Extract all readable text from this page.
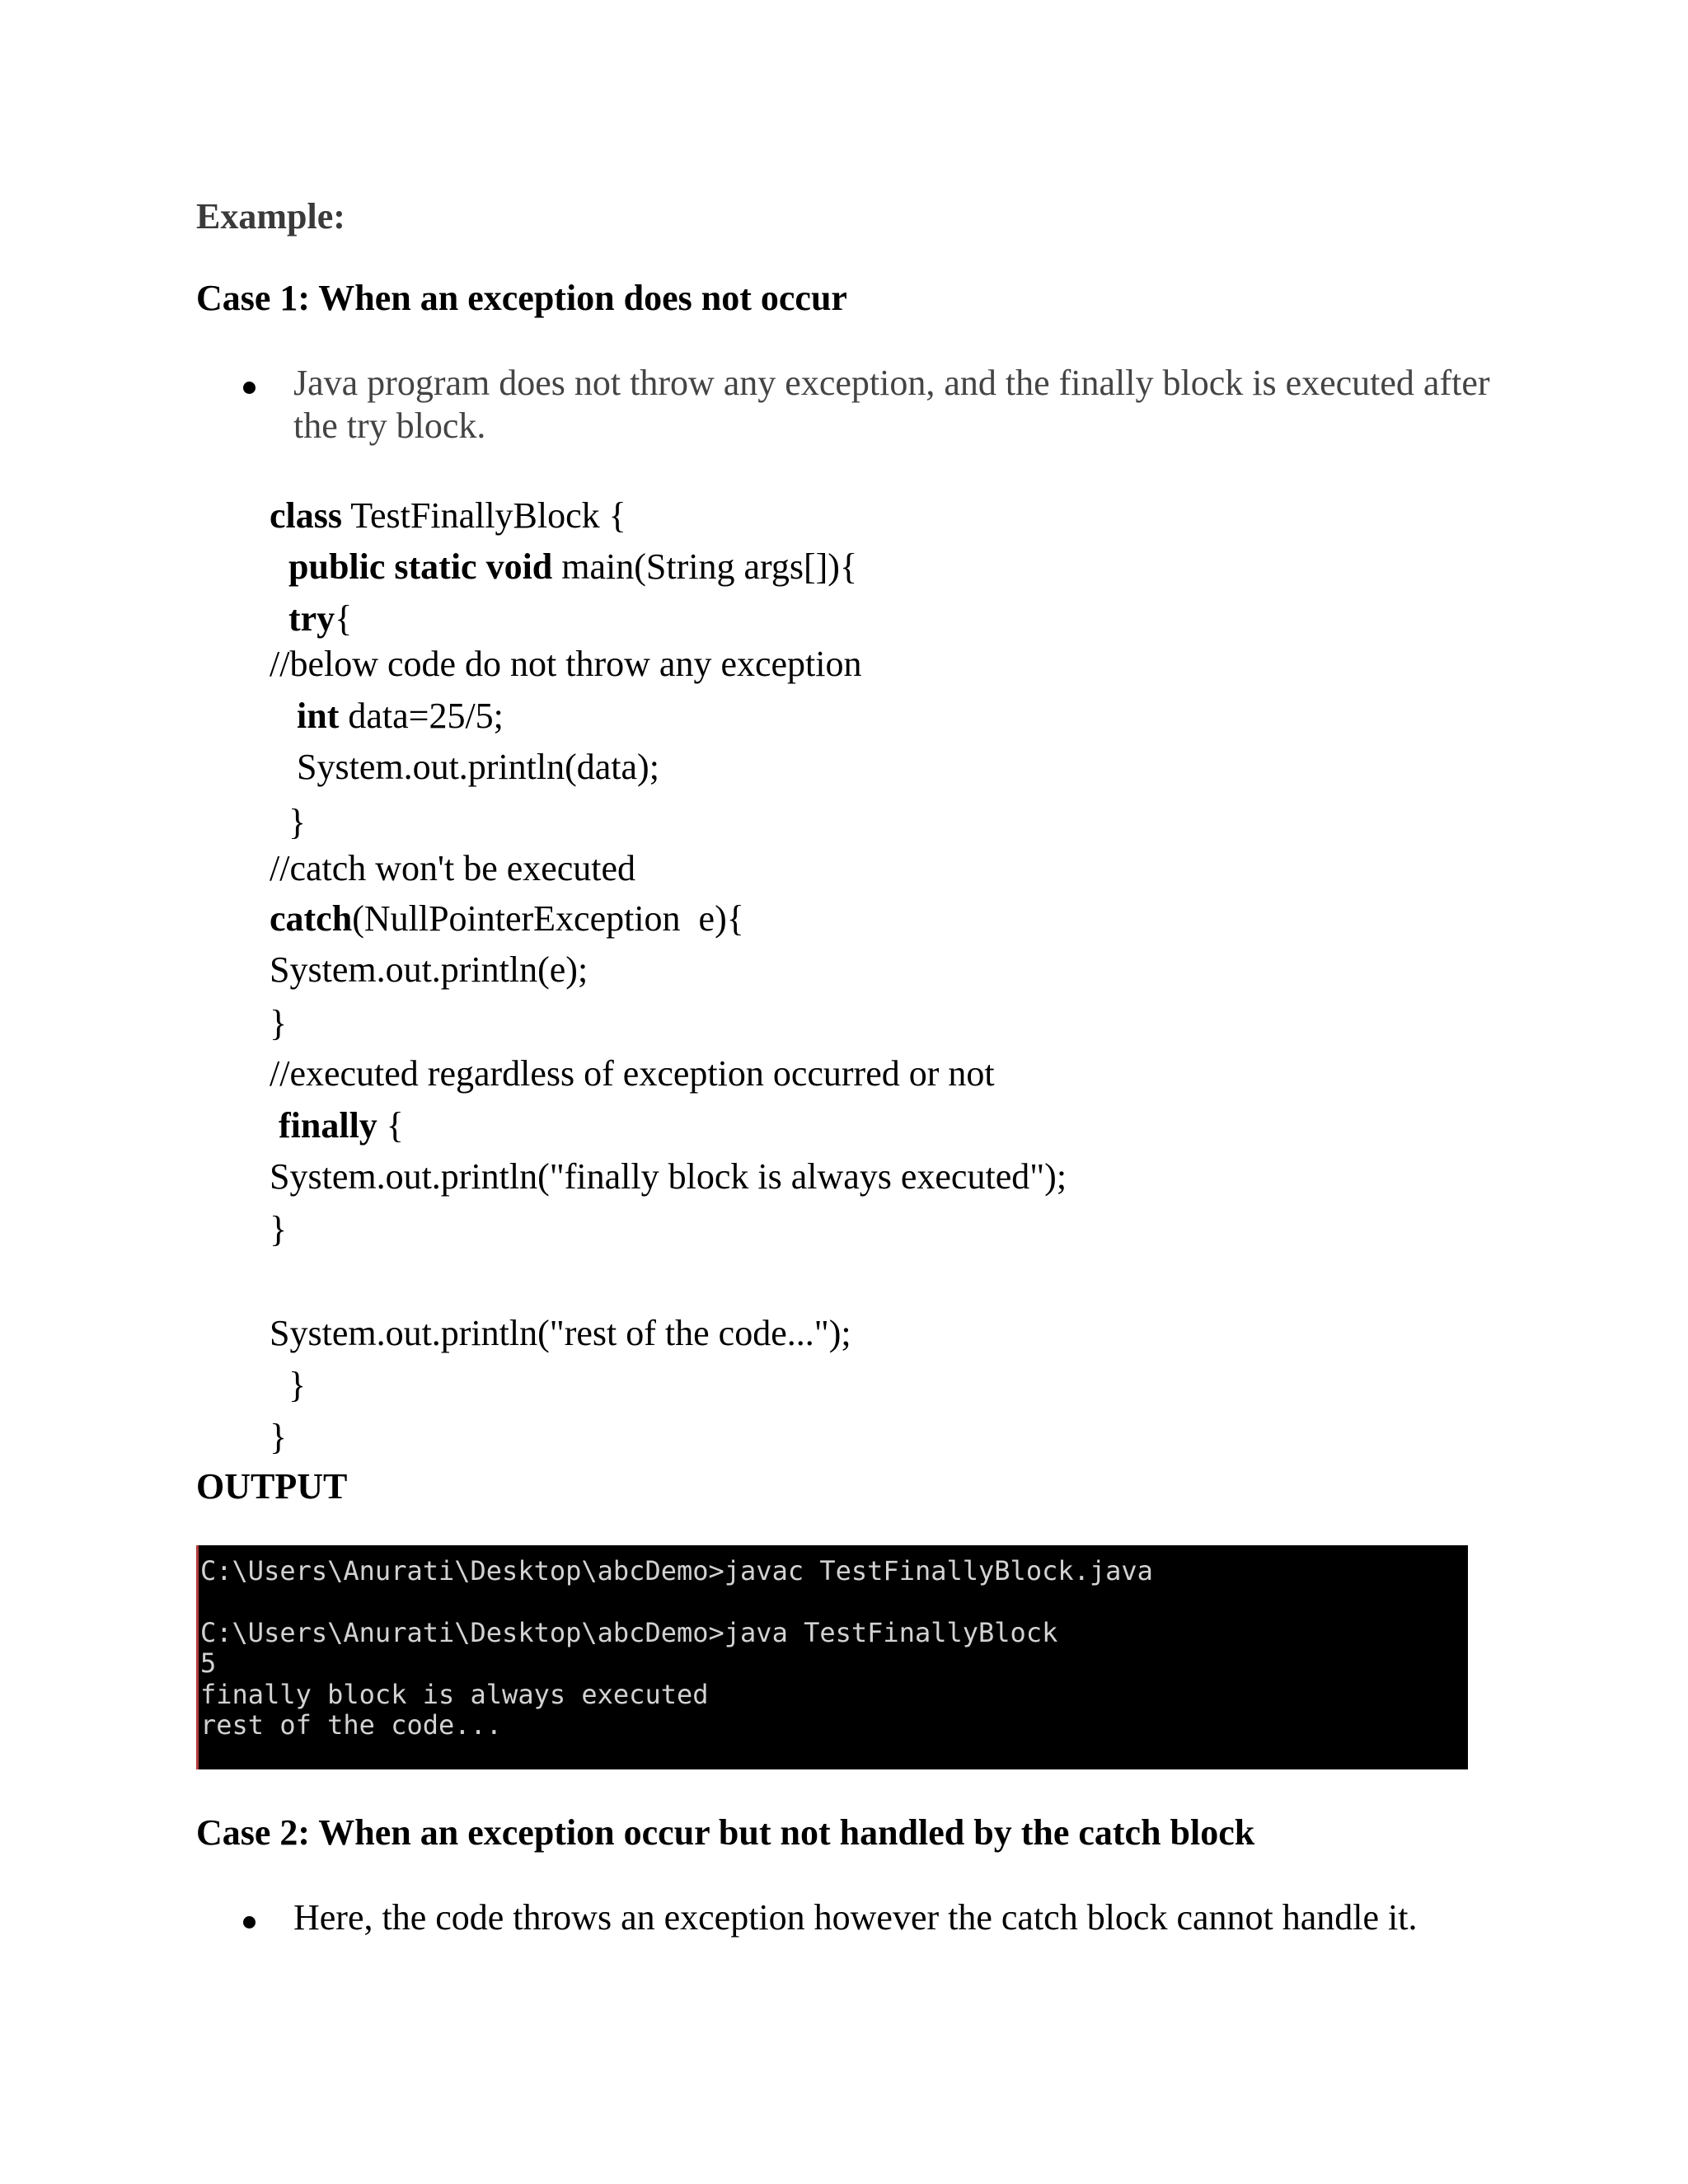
Example:
Case 1: When an exception does not occur
Java program does not throw any exception, and the finally block is executed after
the try block.
class TestFinallyBlock {
public static void main(String args[]){
try{
//below code do not throw any exception
int data=25/5;
System.out.println(data);
}
//catch won't be executed
catch(NullPointerException  e){
System.out.println(e);
}
//executed regardless of exception occurred or not
finally {
System.out.println("finally block is always executed");
}
System.out.println("rest of the code...");
}
}
OUTPUT
C:\Users\Anurati\Desktop\abcDemo>javac TestFinallyBlock.java
C:\Users\Anurati\Desktop\abcDemo>java TestFinallyBlock
5
finally block is always executed
rest of the code...
Case 2: When an exception occur but not handled by the catch block
Here, the code throws an exception however the catch block cannot handle it.
